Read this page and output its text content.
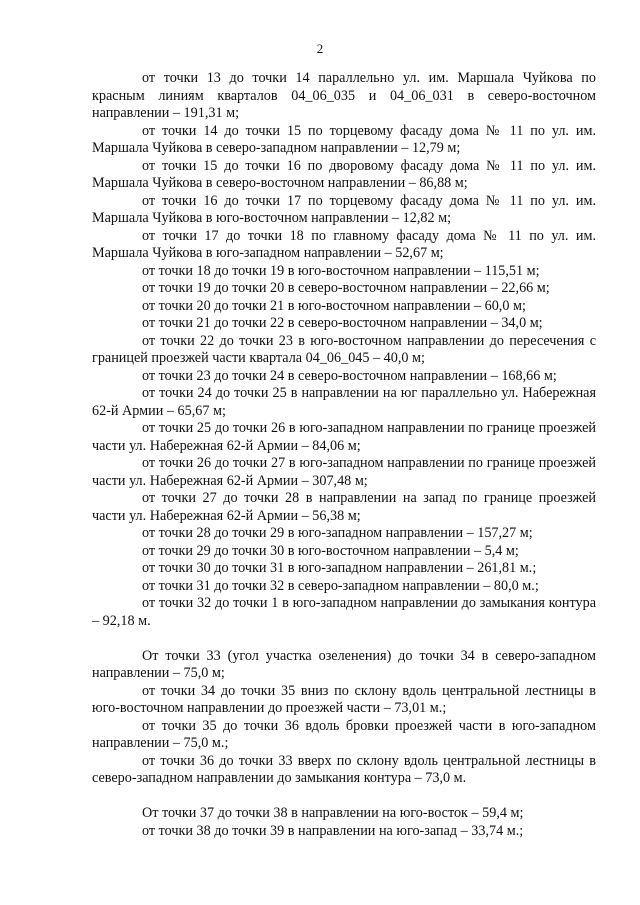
2

от точки 13 до точки 14 параллельно ул. им. Маршала Чуйкова по красным линиям кварталов 04_06_035 и 04_06_031 в северо-восточном направлении – 191,31 м;

от точки 14 до точки 15 по торцевому фасаду дома № 11 по ул. им. Маршала Чуйкова в северо-западном направлении – 12,79 м;

от точки 15 до точки 16 по дворовому фасаду дома № 11 по ул. им. Маршала Чуйкова в северо-восточном направлении – 86,88 м;

от точки 16 до точки 17 по торцевому фасаду дома № 11 по ул. им. Маршала Чуйкова в юго-восточном направлении – 12,82 м;

от точки 17 до точки 18 по главному фасаду дома № 11 по ул. им. Маршала Чуйкова в юго-западном направлении – 52,67 м;

от точки 18 до точки 19 в юго-восточном направлении – 115,51 м;

от точки 19 до точки 20 в северо-восточном направлении – 22,66 м;

от точки 20 до точки 21 в юго-восточном направлении – 60,0 м;

от точки 21 до точки 22 в северо-восточном направлении – 34,0 м;

от точки 22 до точки 23 в юго-восточном направлении до пересечения с границей проезжей части квартала 04_06_045 – 40,0 м;

от точки 23 до точки 24 в северо-восточном направлении – 168,66 м;

от точки 24 до точки 25 в направлении на юг параллельно ул. Набережная 62-й Армии – 65,67 м;

от точки 25 до точки 26 в юго-западном направлении по границе проезжей части ул. Набережная 62-й Армии – 84,06 м;

от точки 26 до точки 27 в юго-западном направлении по границе проезжей части ул. Набережная 62-й Армии – 307,48 м;

от точки 27 до точки 28 в направлении на запад по границе проезжей части ул. Набережная 62-й Армии – 56,38 м;

от точки 28 до точки 29 в юго-западном направлении – 157,27 м;

от точки 29 до точки 30 в юго-восточном направлении – 5,4 м;

от точки 30 до точки 31 в юго-западном направлении – 261,81 м.;

от точки 31 до точки 32 в северо-западном направлении – 80,0 м.;

от точки 32 до точки 1 в юго-западном направлении до замыкания контура – 92,18 м.

От точки 33 (угол участка озеленения) до точки 34 в северо-западном направлении – 75,0 м;

от точки 34 до точки 35 вниз по склону вдоль центральной лестницы в юго-восточном направлении до проезжей части – 73,01 м.;

от точки 35 до точки 36 вдоль бровки проезжей части в юго-западном направлении – 75,0 м.;

от точки 36 до точки 33 вверх по склону вдоль центральной лестницы в северо-западном направлении до замыкания контура – 73,0 м.

От точки 37 до точки 38 в направлении на юго-восток – 59,4 м;

от точки 38 до точки 39 в направлении на юго-запад – 33,74 м.;
